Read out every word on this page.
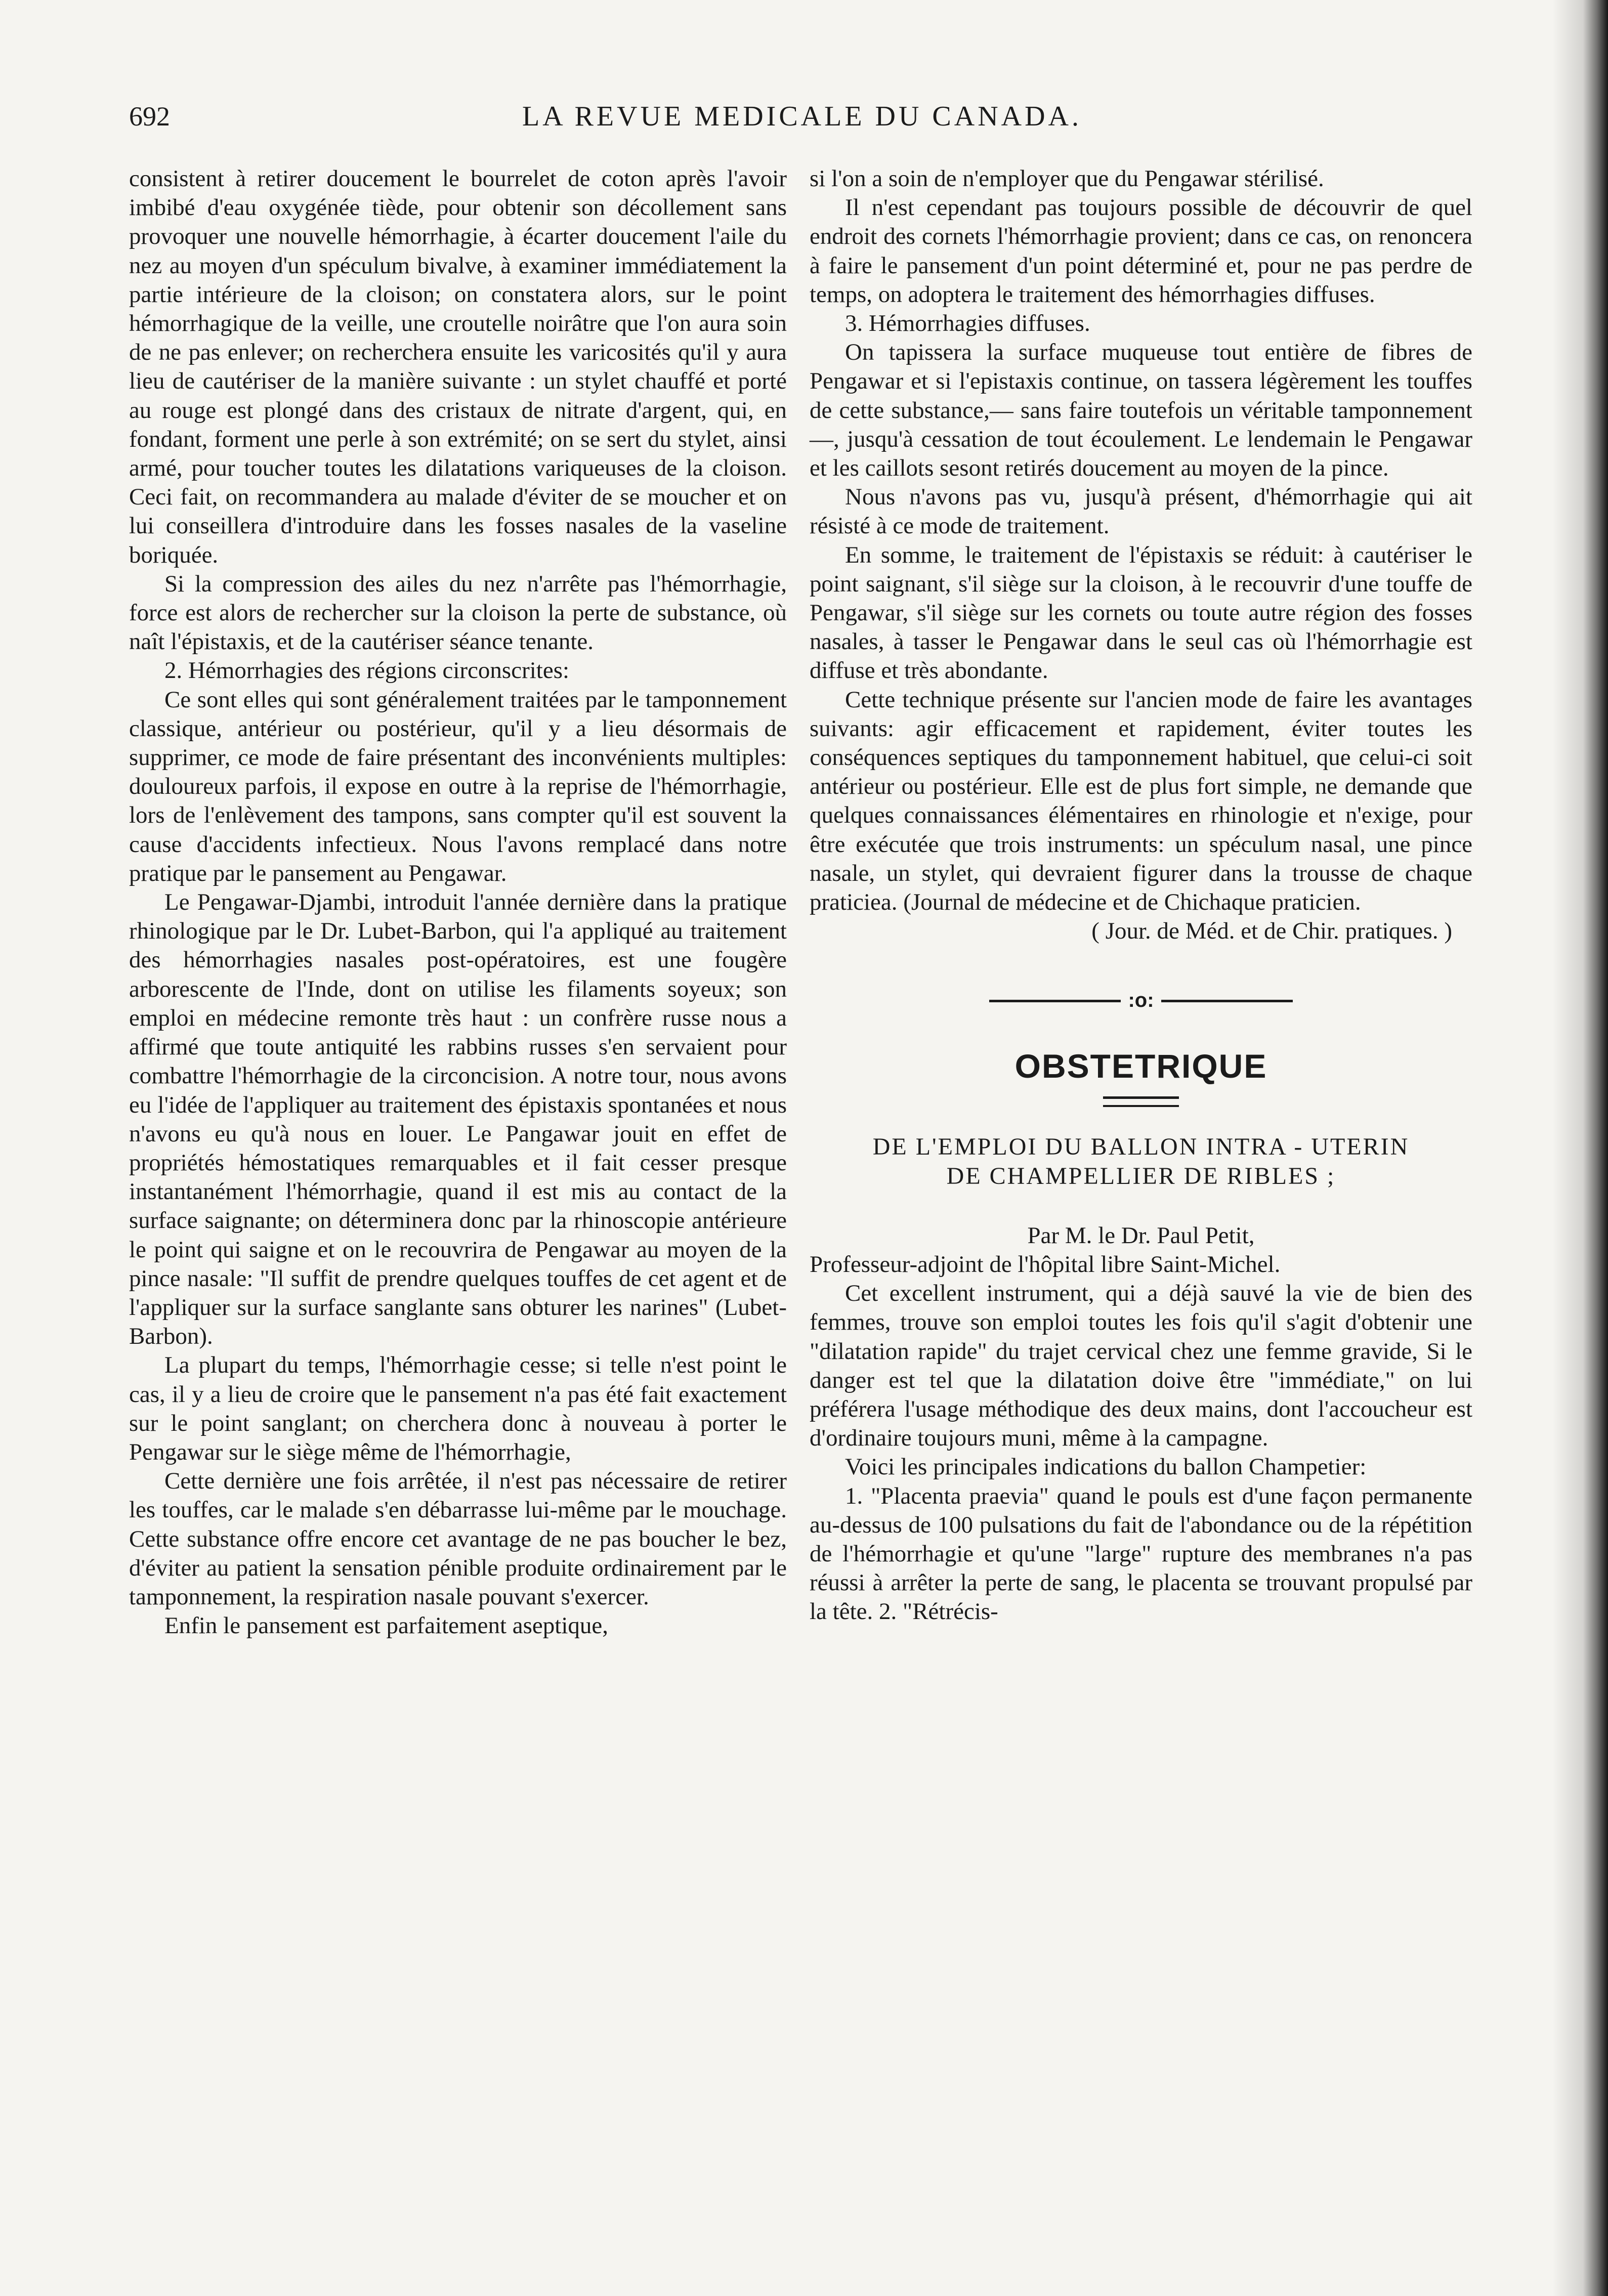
692	LA REVUE MEDICALE DU CANADA.

consistent à retirer doucement le bourrelet de coton après l'avoir imbibé d'eau oxygénée tiède, pour obtenir son décollement sans provoquer une nouvelle hémorrhagie, à écarter doucement l'aile du nez au moyen d'un spéculum bivalve, à examiner immédiatement la partie intérieure de la cloison; on constatera alors, sur le point hémorrhagique de la veille, une croutelle noirâtre que l'on aura soin de ne pas enlever; on recherchera ensuite les varicosités qu'il y aura lieu de cautériser de la manière suivante : un stylet chauffé et porté au rouge est plongé dans des cristaux de nitrate d'argent, qui, en fondant, forment une perle à son extrémité; on se sert du stylet, ainsi armé, pour toucher toutes les dilatations variqueuses de la cloison. Ceci fait, on recommandera au malade d'éviter de se moucher et on lui conseillera d'introduire dans les fosses nasales de la vaseline boriquée.

Si la compression des ailes du nez n'arrête pas l'hémorrhagie, force est alors de rechercher sur la cloison la perte de substance, où naît l'épistaxis, et de la cautériser séance tenante.

2. Hémorrhagies des régions circonscrites:

Ce sont elles qui sont généralement traitées par le tamponnement classique, antérieur ou postérieur, qu'il y a lieu désormais de supprimer, ce mode de faire présentant des inconvénients multiples: douloureux parfois, il expose en outre à la reprise de l'hémorrhagie, lors de l'enlèvement des tampons, sans compter qu'il est souvent la cause d'accidents infectieux. Nous l'avons remplacé dans notre pratique par le pansement au Pengawar.

Le Pengawar-Djambi, introduit l'année dernière dans la pratique rhinologique par le Dr. Lubet-Barbon, qui l'a appliqué au traitement des hémorrhagies nasales post-opératoires, est une fougère arborescente de l'Inde, dont on utilise les filaments soyeux; son emploi en médecine remonte très haut : un confrère russe nous a affirmé que toute antiquité les rabbins russes s'en servaient pour combattre l'hémorrhagie de la circoncision. A notre tour, nous avons eu l'idée de l'appliquer au traitement des épistaxis spontanées et nous n'avons eu qu'à nous en louer. Le Pangawar jouit en effet de propriétés hémostatiques remarquables et il fait cesser presque instantanément l'hémorrhagie, quand il est mis au contact de la surface saignante; on déterminera donc par la rhinoscopie antérieure le point qui saigne et on le recouvrira de Pengawar au moyen de la pince nasale: "Il suffit de prendre quelques touffes de cet agent et de l'appliquer sur la surface sanglante sans obturer les narines" (Lubet-Barbon).

La plupart du temps, l'hémorrhagie cesse; si telle n'est point le cas, il y a lieu de croire que le pansement n'a pas été fait exactement sur le point sanglant; on cherchera donc à nouveau à porter le Pengawar sur le siège même de l'hémorrhagie,

Cette dernière une fois arrêtée, il n'est pas nécessaire de retirer les touffes, car le malade s'en débarrasse lui-même par le mouchage. Cette substance offre encore cet avantage de ne pas boucher le bez, d'éviter au patient la sensation pénible produite ordinairement par le tamponnement, la respiration nasale pouvant s'exercer.

Enfin le pansement est parfaitement aseptique,

si l'on a soin de n'employer que du Pengawar stérilisé.

Il n'est cependant pas toujours possible de découvrir de quel endroit des cornets l'hémorrhagie provient; dans ce cas, on renoncera à faire le pansement d'un point déterminé et, pour ne pas perdre de temps, on adoptera le traitement des hémorrhagies diffuses.

3. Hémorrhagies diffuses.

On tapissera la surface muqueuse tout entière de fibres de Pengawar et si l'epistaxis continue, on tassera légèrement les touffes de cette substance,— sans faire toutefois un véritable tamponnement —, jusqu'à cessation de tout écoulement. Le lendemain le Pengawar et les caillots sesont retirés doucement au moyen de la pince.

Nous n'avons pas vu, jusqu'à présent, d'hémorrhagie qui ait résisté à ce mode de traitement.

En somme, le traitement de l'épistaxis se réduit: à cautériser le point saignant, s'il siège sur la cloison, à le recouvrir d'une touffe de Pengawar, s'il siège sur les cornets ou toute autre région des fosses nasales, à tasser le Pengawar dans le seul cas où l'hémorrhagie est diffuse et très abondante.

Cette technique présente sur l'ancien mode de faire les avantages suivants: agir efficacement et rapidement, éviter toutes les conséquences septiques du tamponnement habituel, que celui-ci soit antérieur ou postérieur. Elle est de plus fort simple, ne demande que quelques connaissances élémentaires en rhinologie et n'exige, pour être exécutée que trois instruments: un spéculum nasal, une pince nasale, un stylet, qui devraient figurer dans la trousse de chaque praticiea. (Journal de médecine et de Chichaque praticien.

( Jour. de Méd. et de Chir. pratiques. )

:o:
OBSTETRIQUE
DE L'EMPLOI DU BALLON INTRA - UTERIN
DE CHAMPELLIER DE RIBLES ;

Par M. le Dr. Paul Petit,

Professeur-adjoint de l'hôpital libre Saint-Michel.

Cet excellent instrument, qui a déjà sauvé la vie de bien des femmes, trouve son emploi toutes les fois qu'il s'agit d'obtenir une "dilatation rapide" du trajet cervical chez une femme gravide, Si le danger est tel que la dilatation doive être "immédiate," on lui préférera l'usage méthodique des deux mains, dont l'accoucheur est d'ordinaire toujours muni, même à la campagne.

Voici les principales indications du ballon Champetier:

1. "Placenta praevia" quand le pouls est d'une façon permanente au-dessus de 100 pulsations du fait de l'abondance ou de la répétition de l'hémorrhagie et qu'une "large" rupture des membranes n'a pas réussi à arrêter la perte de sang, le placenta se trouvant propulsé par la tête. 2. "Rétrécis-
